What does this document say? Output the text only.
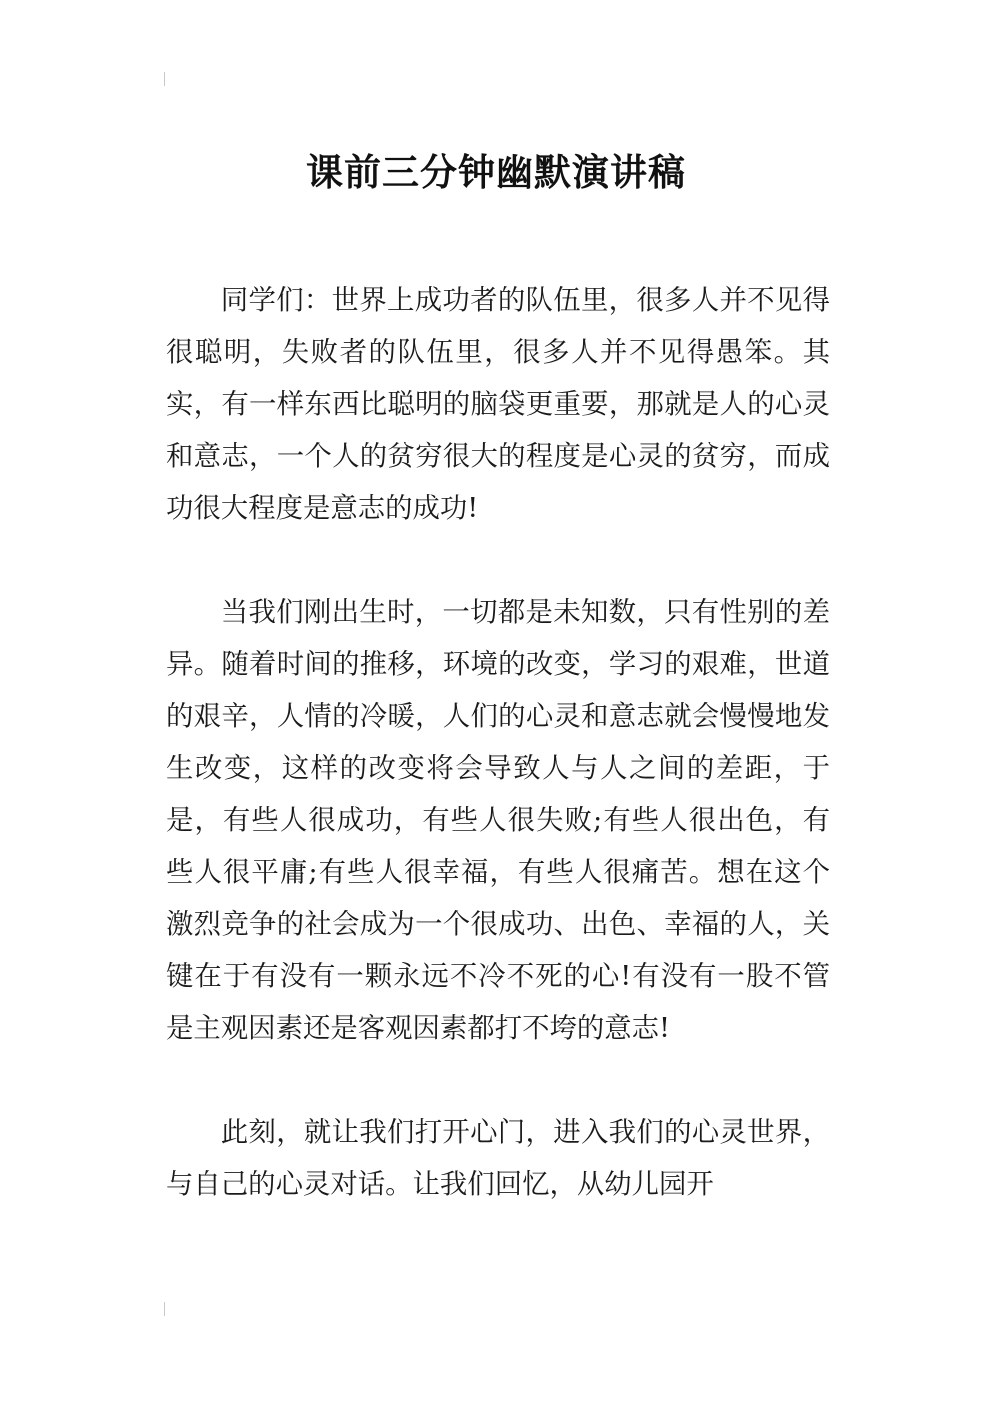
课前三分钟幽默演讲稿

同学们：世界上成功者的队伍里，很多人并不见得很聪明，失败者的队伍里，很多人并不见得愚笨。其实，有一样东西比聪明的脑袋更重要，那就是人的心灵和意志，一个人的贫穷很大的程度是心灵的贫穷，而成功很大程度是意志的成功!

当我们刚出生时，一切都是未知数，只有性别的差异。随着时间的推移，环境的改变，学习的艰难，世道的艰辛，人情的冷暖，人们的心灵和意志就会慢慢地发生改变，这样的改变将会导致人与人之间的差距，于是，有些人很成功，有些人很失败;有些人很出色，有些人很平庸;有些人很幸福，有些人很痛苦。想在这个激烈竞争的社会成为一个很成功、出色、幸福的人，关键在于有没有一颗永远不冷不死的心!有没有一股不管是主观因素还是客观因素都打不垮的意志!

此刻，就让我们打开心门，进入我们的心灵世界，与自己的心灵对话。让我们回忆，从幼儿园开
